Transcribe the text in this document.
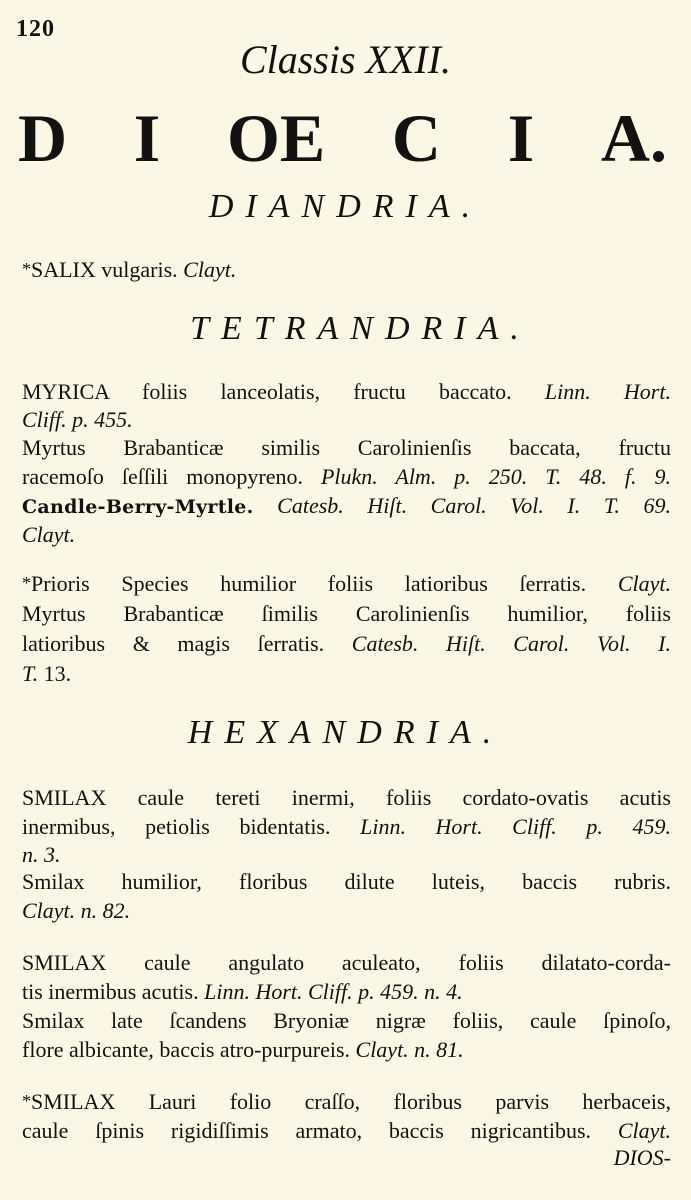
120
Classis XXII.
D I OE C I A.
DIANDRIA.
*SALIX vulgaris. Clayt.
TETRANDRIA.
MYRICA foliis lanceolatis, fructu baccato. Linn. Hort.
Cliff. p. 455.
Myrtus Brabanticæ similis Carolinienſis baccata, fructu
racemoſo ſeſſili monopyreno. Plukn. Alm. p. 250. T. 48. f. 9.
Candle-Berry-Myrtle. Catesb. Hiſt. Carol. Vol. I. T. 69.
Clayt.
*Prioris Species humilior foliis latioribus ſerratis. Clayt.
Myrtus Brabanticæ ſimilis Carolinienſis humilior, foliis
latioribus & magis ſerratis. Catesb. Hiſt. Carol. Vol. I.
T. 13.
HEXANDRIA.
SMILAX caule tereti inermi, foliis cordato-ovatis acutis
inermibus, petiolis bidentatis. Linn. Hort. Cliff. p. 459.
n. 3.
Smilax humilior, floribus dilute luteis, baccis rubris.
Clayt. n. 82.
SMILAX caule angulato aculeato, foliis dilatato-corda-
tis inermibus acutis. Linn. Hort. Cliff. p. 459. n. 4.
Smilax late ſcandens Bryoniæ nigræ foliis, caule ſpinoſo,
flore albicante, baccis atro-purpureis. Clayt. n. 81.
*SMILAX Lauri folio craſſo, floribus parvis herbaceis,
caule ſpinis rigidiſſimis armato, baccis nigricantibus. Clayt.
DIOS-
